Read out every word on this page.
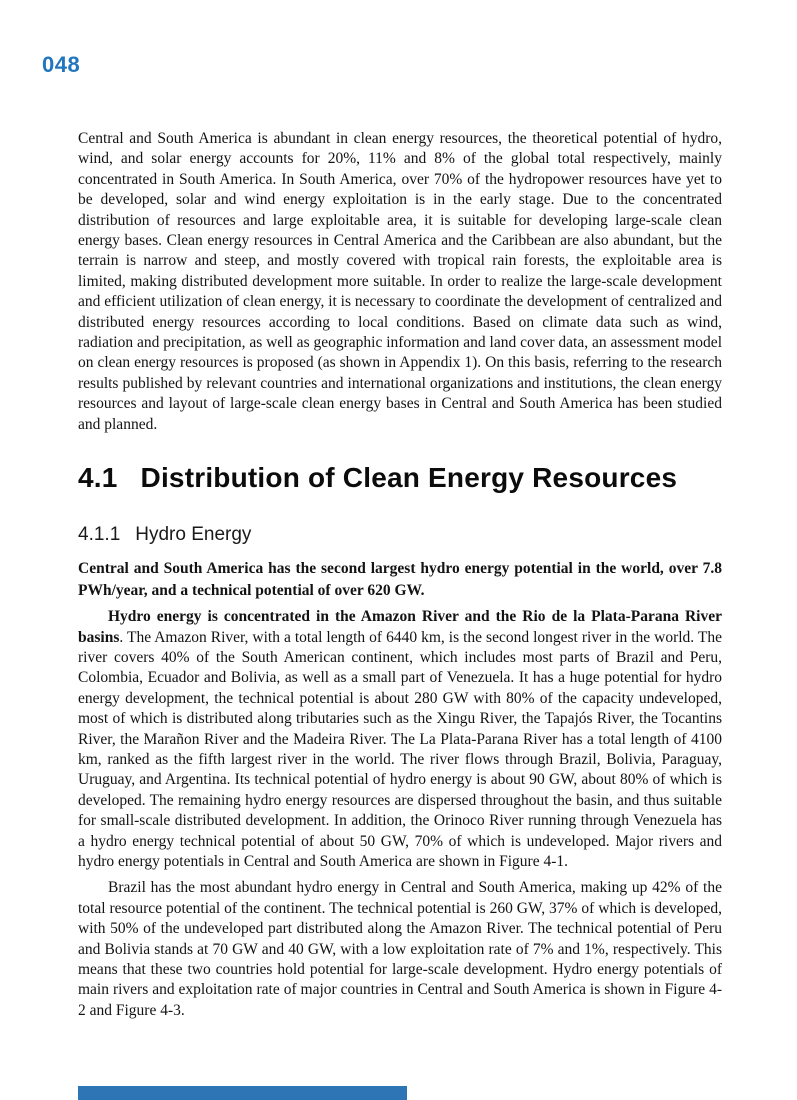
048

Central and South America is abundant in clean energy resources, the theoretical potential of hydro, wind, and solar energy accounts for 20%, 11% and 8% of the global total respectively, mainly concentrated in South America. In South America, over 70% of the hydropower resources have yet to be developed, solar and wind energy exploitation is in the early stage. Due to the concentrated distribution of resources and large exploitable area, it is suitable for developing large-scale clean energy bases. Clean energy resources in Central America and the Caribbean are also abundant, but the terrain is narrow and steep, and mostly covered with tropical rain forests, the exploitable area is limited, making distributed development more suitable. In order to realize the large-scale development and efficient utilization of clean energy, it is necessary to coordinate the development of centralized and distributed energy resources according to local conditions. Based on climate data such as wind, radiation and precipitation, as well as geographic information and land cover data, an assessment model on clean energy resources is proposed (as shown in Appendix 1). On this basis, referring to the research results published by relevant countries and international organizations and institutions, the clean energy resources and layout of large-scale clean energy bases in Central and South America has been studied and planned.

4.1 Distribution of Clean Energy Resources
4.1.1 Hydro Energy

Central and South America has the second largest hydro energy potential in the world, over 7.8 PWh/year, and a technical potential of over 620 GW.

Hydro energy is concentrated in the Amazon River and the Rio de la Plata-Parana River basins. The Amazon River, with a total length of 6440 km, is the second longest river in the world. The river covers 40% of the South American continent, which includes most parts of Brazil and Peru, Colombia, Ecuador and Bolivia, as well as a small part of Venezuela. It has a huge potential for hydro energy development, the technical potential is about 280 GW with 80% of the capacity undeveloped, most of which is distributed along tributaries such as the Xingu River, the Tapajós River, the Tocantins River, the Marañon River and the Madeira River. The La Plata-Parana River has a total length of 4100 km, ranked as the fifth largest river in the world. The river flows through Brazil, Bolivia, Paraguay, Uruguay, and Argentina. Its technical potential of hydro energy is about 90 GW, about 80% of which is developed. The remaining hydro energy resources are dispersed throughout the basin, and thus suitable for small-scale distributed development. In addition, the Orinoco River running through Venezuela has a hydro energy technical potential of about 50 GW, 70% of which is undeveloped. Major rivers and hydro energy potentials in Central and South America are shown in Figure 4-1.

Brazil has the most abundant hydro energy in Central and South America, making up 42% of the total resource potential of the continent. The technical potential is 260 GW, 37% of which is developed, with 50% of the undeveloped part distributed along the Amazon River. The technical potential of Peru and Bolivia stands at 70 GW and 40 GW, with a low exploitation rate of 7% and 1%, respectively. This means that these two countries hold potential for large-scale development. Hydro energy potentials of main rivers and exploitation rate of major countries in Central and South America is shown in Figure 4-2 and Figure 4-3.
